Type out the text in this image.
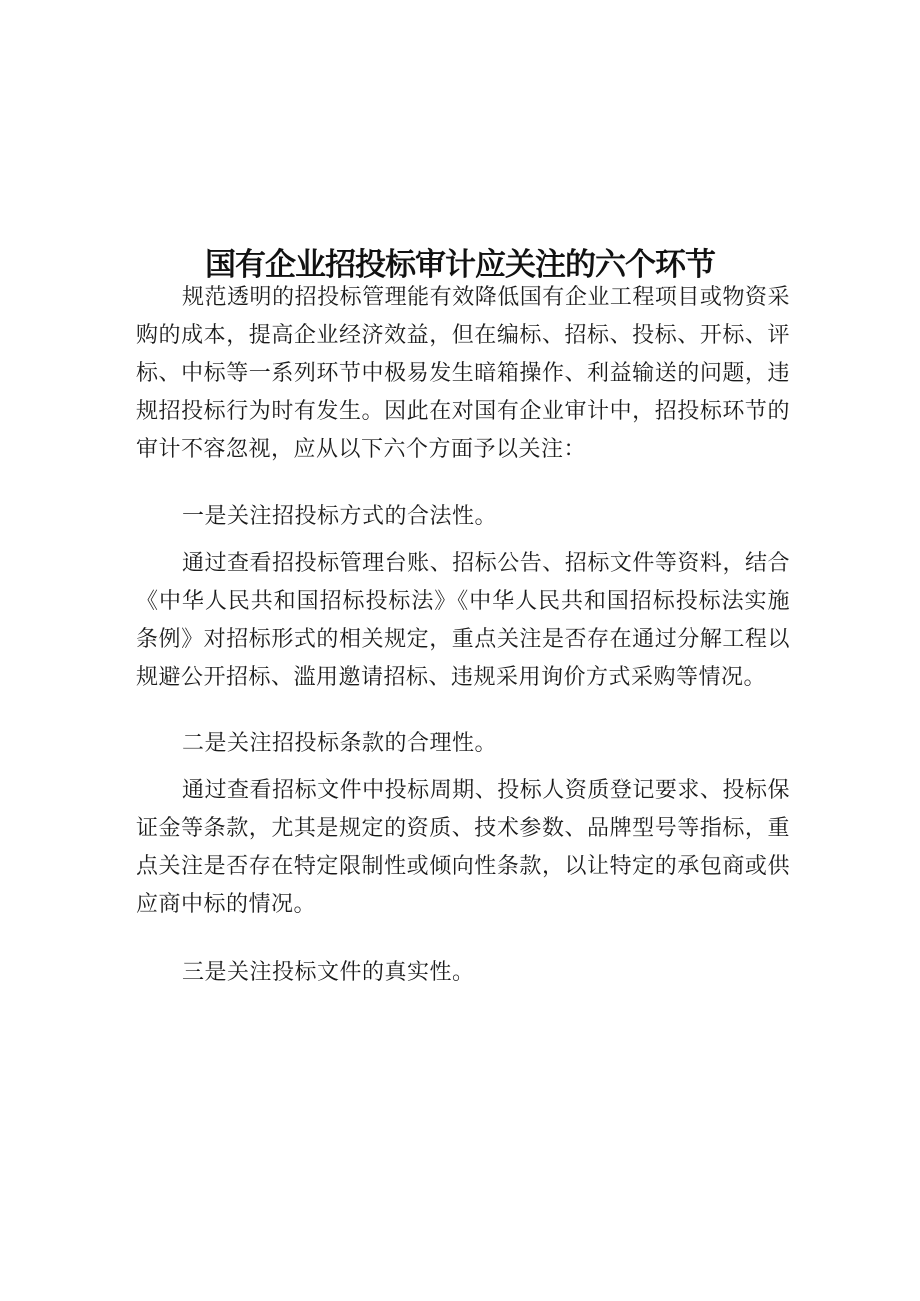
国有企业招投标审计应关注的六个环节

规范透明的招投标管理能有效降低国有企业工程项目或物资采购的成本，提高企业经济效益，但在编标、招标、投标、开标、评标、中标等一系列环节中极易发生暗箱操作、利益输送的问题，违规招投标行为时有发生。因此在对国有企业审计中，招投标环节的审计不容忽视，应从以下六个方面予以关注：

一是关注招投标方式的合法性。

通过查看招投标管理台账、招标公告、招标文件等资料，结合《中华人民共和国招标投标法》《中华人民共和国招标投标法实施条例》对招标形式的相关规定，重点关注是否存在通过分解工程以规避公开招标、滥用邀请招标、违规采用询价方式采购等情况。

二是关注招投标条款的合理性。

通过查看招标文件中投标周期、投标人资质登记要求、投标保证金等条款，尤其是规定的资质、技术参数、品牌型号等指标，重点关注是否存在特定限制性或倾向性条款，以让特定的承包商或供应商中标的情况。

三是关注投标文件的真实性。
